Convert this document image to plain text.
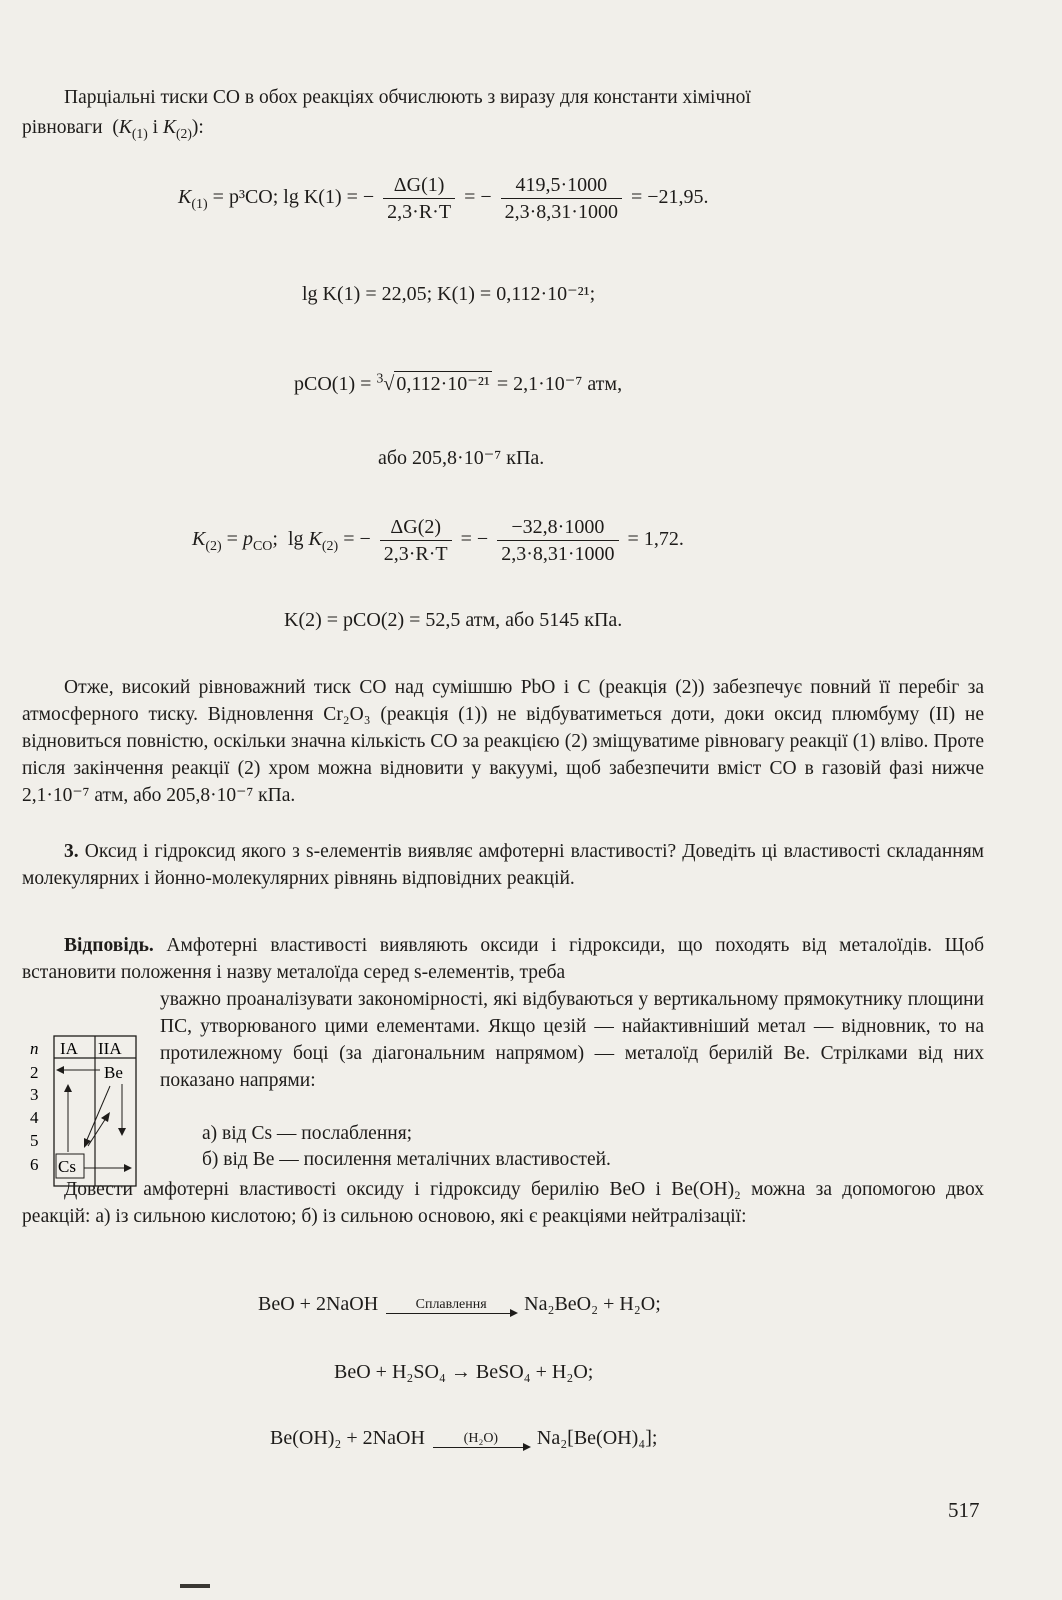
Парціальні тиски CO в обох реакціях обчислюють з виразу для константи хімічної
рівноваги  ($K_{(1)}$ і $K_{(2)}$):
$K_{(1)} = p^3CO$; lg K(1) = − $\frac{\Delta G(1)}{2,3\cdot R\cdot T}$ = − $\frac{419,5\cdot 1000}{2,3\cdot 8,31\cdot 1000} = -21,95$.
lg K(1) = 22,05; K(1) = 0,112·10⁻²¹;
pCO(1) = $^3$√ 0,112·10⁻²¹ = 2,1·10⁻⁷ атм,
або 205,8·10⁻⁷ кПа.
$K_{(2)} = p_{CO}$;  $\lg K_{(2)}$ = − $\frac{\Delta G(2)}{2,3\cdot R\cdot T}$ = − $\frac{-32,8\cdot 1000}{2,3\cdot 8,31\cdot 1000} = 1,72$.
K(2) = pCO(2) = 52,5 атм, або 5145 кПа.
Отже, високий рівноважний тиск CO над сумішшю PbO і C (реакція (2)) забезпечує повний її перебіг за атмосферного тиску. Відновлення Cr₂O₃ (реакція (1)) не відбуватиметься доти, доки оксид плюмбуму (II) не відновиться повністю, оскільки значна кількість CO за реакцією (2) зміщуватиме рівновагу реакції (1) вліво. Проте після закінчення реакції (2) хром можна відновити у вакуумі, щоб забезпечити вміст CO в газовій фазі нижче 2,1·10⁻⁷ атм, або 205,8·10⁻⁷ кПа.
3. Оксид і гідроксид якого з s-елементів виявляє амфотерні властивості? Доведіть ці властивості складанням молекулярних і йонно-молекулярних рівнянь відповідних реакцій.
Відповідь. Амфотерні властивості виявляють оксиди і гідроксиди, що походять від металоїдів. Щоб встановити положення і назву металоїда серед s-елементів, треба
уважно проаналізувати закономірності, які відбуваються у вертикальному прямокутнику площини ПС, утворюваного цими елементами. Якщо цезій — найактивніший метал — відновник, то на протилежному боці (за діагональним напрямом) — металоїд берилій Be. Стрілками від них показано напрями:
а) від Cs — послаблення;
б) від Be — посилення металічних властивостей.
Довести амфотерні властивості оксиду і гідроксиду берилію BeO і Be(OH)₂ можна за допомогою двох реакцій: а) із сильною кислотою; б) із сильною основою, які є реакціями нейтралізації:
n IA IIA
2
3
4
5
6
Be
Cs
BeO + 2NaOH	Сплавлення	Na₂BeO₂ + H₂O;
BeO + H₂SO₄ → BeSO₄ + H₂O;
Be(OH)₂ + 2NaOH	(H₂O)	Na₂[Be(OH)₄];
517
